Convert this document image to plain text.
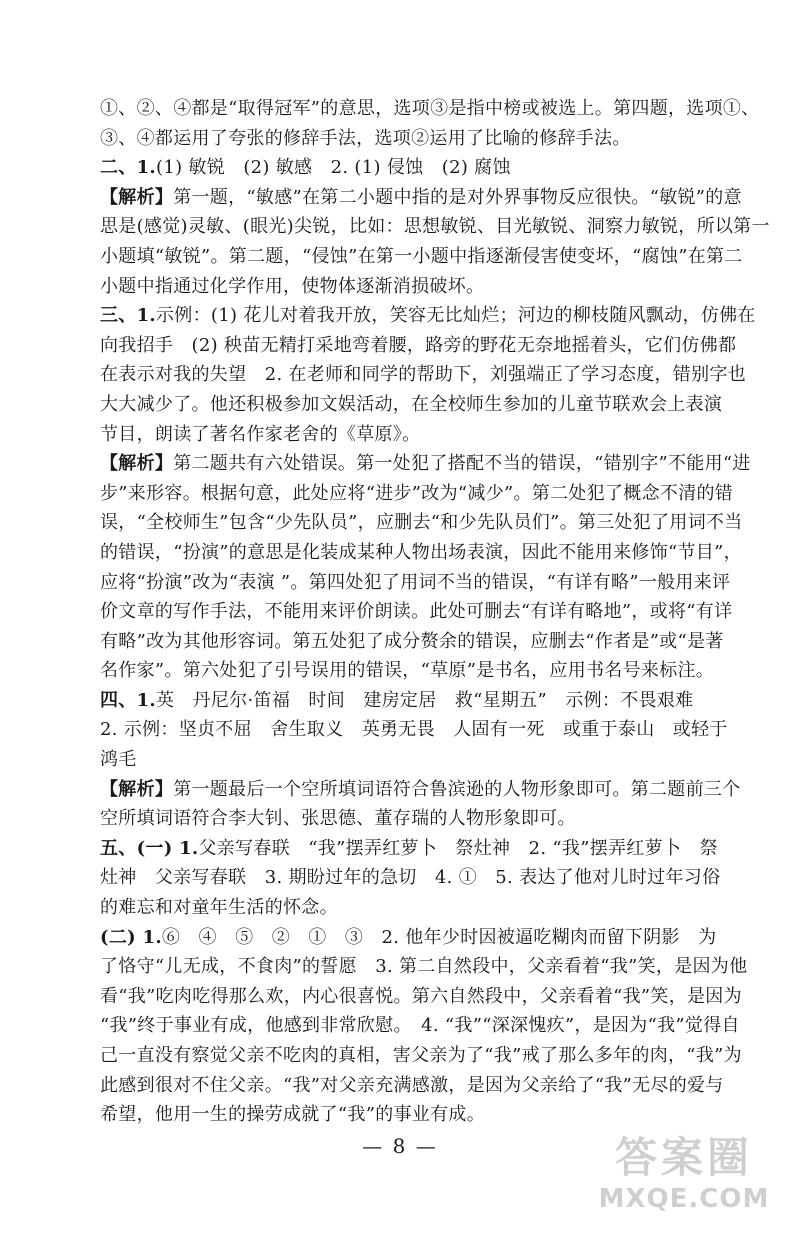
①、②、④都是“取得冠军”的意思，选项③是指中榜或被选上。第四题，选项①、
③、④都运用了夸张的修辞手法，选项②运用了比喻的修辞手法。
二、1.(1) 敏锐　(2) 敏感　2. (1) 侵蚀　(2) 腐蚀
【解析】第一题，“敏感”在第二小题中指的是对外界事物反应很快。“敏锐”的意
思是(感觉)灵敏、(眼光)尖锐，比如：思想敏锐、目光敏锐、洞察力敏锐，所以第一
小题填“敏锐”。第二题，“侵蚀”在第一小题中指逐渐侵害使变坏，“腐蚀”在第二
小题中指通过化学作用，使物体逐渐消损破坏。
三、1.示例：(1) 花儿对着我开放，笑容无比灿烂；河边的柳枝随风飘动，仿佛在
向我招手　(2) 秧苗无精打采地弯着腰，路旁的野花无奈地摇着头，它们仿佛都
在表示对我的失望　2. 在老师和同学的帮助下，刘强端正了学习态度，错别字也
大大减少了。他还积极参加文娱活动，在全校师生参加的儿童节联欢会上表演
节目，朗读了著名作家老舍的《草原》。
【解析】第二题共有六处错误。第一处犯了搭配不当的错误，“错别字”不能用“进
步”来形容。根据句意，此处应将“进步”改为“减少”。第二处犯了概念不清的错
误，“全校师生”包含“少先队员”，应删去“和少先队员们”。第三处犯了用词不当
的错误，“扮演”的意思是化装成某种人物出场表演，因此不能用来修饰“节目”，
应将“扮演”改为“表演 ”。第四处犯了用词不当的错误，“有详有略”一般用来评
价文章的写作手法，不能用来评价朗读。此处可删去“有详有略地”，或将“有详
有略”改为其他形容词。第五处犯了成分赘余的错误，应删去“作者是”或“是著
名作家”。第六处犯了引号误用的错误，“草原”是书名，应用书名号来标注。
四、1.英　丹尼尔·笛福　时间　建房定居　救“星期五”　示例：不畏艰难
2. 示例：坚贞不屈　舍生取义　英勇无畏　人固有一死　或重于泰山　或轻于
鸿毛
【解析】第一题最后一个空所填词语符合鲁滨逊的人物形象即可。第二题前三个
空所填词语符合李大钊、张思德、董存瑞的人物形象即可。
五、(一) 1.父亲写春联　“我”摆弄红萝卜　祭灶神　2. “我”摆弄红萝卜　祭
灶神　父亲写春联　3. 期盼过年的急切　4. ①　5. 表达了他对儿时过年习俗
的难忘和对童年生活的怀念。
(二) 1.⑥　④　⑤　②　①　③　2. 他年少时因被逼吃糊肉而留下阴影　为
了恪守“儿无成，不食肉”的誓愿　3. 第二自然段中，父亲看着“我”笑，是因为他
看“我”吃肉吃得那么欢，内心很喜悦。第六自然段中，父亲看着“我”笑，是因为
“我”终于事业有成，他感到非常欣慰。　4. “我”“深深愧疚”，是因为“我”觉得自
己一直没有察觉父亲不吃肉的真相，害父亲为了“我”戒了那么多年的肉，“我”为
此感到很对不住父亲。“我”对父亲充满感激，是因为父亲给了“我”无尽的爱与
希望，他用一生的操劳成就了“我”的事业有成。
— 8 —	答案圈
MXQE.COM
